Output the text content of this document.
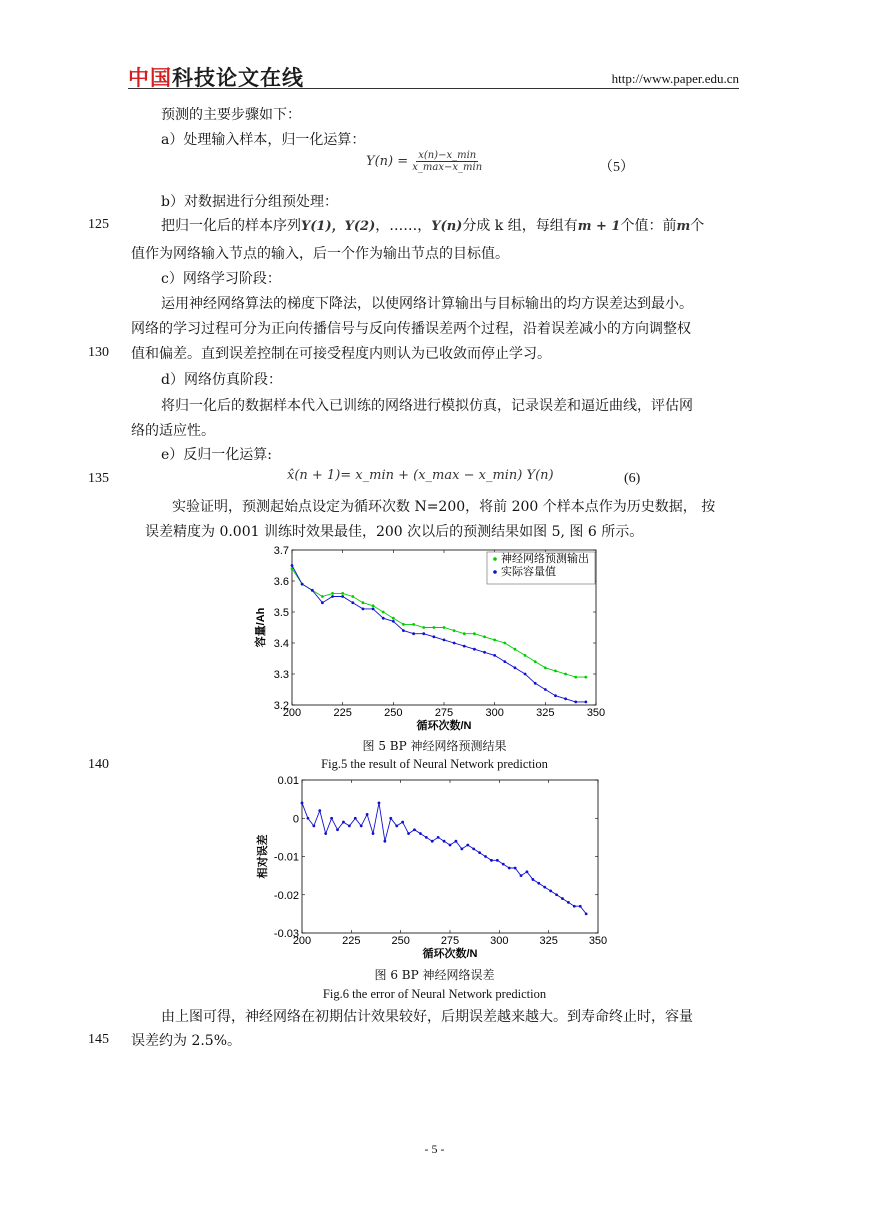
中国科技论文在线	http://www.paper.edu.cn
预测的主要步骤如下：
a）处理输入样本，归一化运算：
$Y(n) = \frac{x(n)-x\_\min}{x\_\max-x\_\min}$	（5）
b）对数据进行分组预处理：
125	把归一化后的样本序列Y(1)，Y(2)，……，Y(n)分成 k 组，每组有m + 1个值：前m个
值作为网络输入节点的输入，后一个作为输出节点的目标值。
c）网络学习阶段：
运用神经网络算法的梯度下降法，以使网络计算输出与目标输出的均方误差达到最小。
网络的学习过程可分为正向传播信号与反向传播误差两个过程，沿着误差减小的方向调整权
130 值和偏差。直到误差控制在可接受程度内则认为已收敛而停止学习。
d）网络仿真阶段：
将归一化后的数据样本代入已训练的网络进行模拟仿真，记录误差和逼近曲线，评估网
络的适应性。
e）反归一化运算:
135	x̂(n + 1)= x_min + (x_max − x_min) Y(n)	(6)
实验证明，预测起始点设定为循环次数 N=200，将前 200 个样本点作为历史数据， 按
误差精度为 0.001 训练时效果最佳，200 次以后的预测结果如图 5, 图 6 所示。
200	225	250	275	300	325	350
3.2
3.3
3.4
3.5
3.6
3.7
循环次数/N
容量/Ah
神经网络预测输出
实际容量值
图 5 BP 神经网络预测结果
140	Fig.5 the result of Neural Network prediction
200	225	250	275	300	325	350
-0.03
-0.02
-0.01
0
0.01
循环次数/N
相对误差
图 6 BP 神经网络误差
Fig.6 the error of Neural Network prediction
由上图可得，神经网络在初期估计效果较好，后期误差越来越大。到寿命终止时，容量
145 误差约为 2.5%。
- 5 -
